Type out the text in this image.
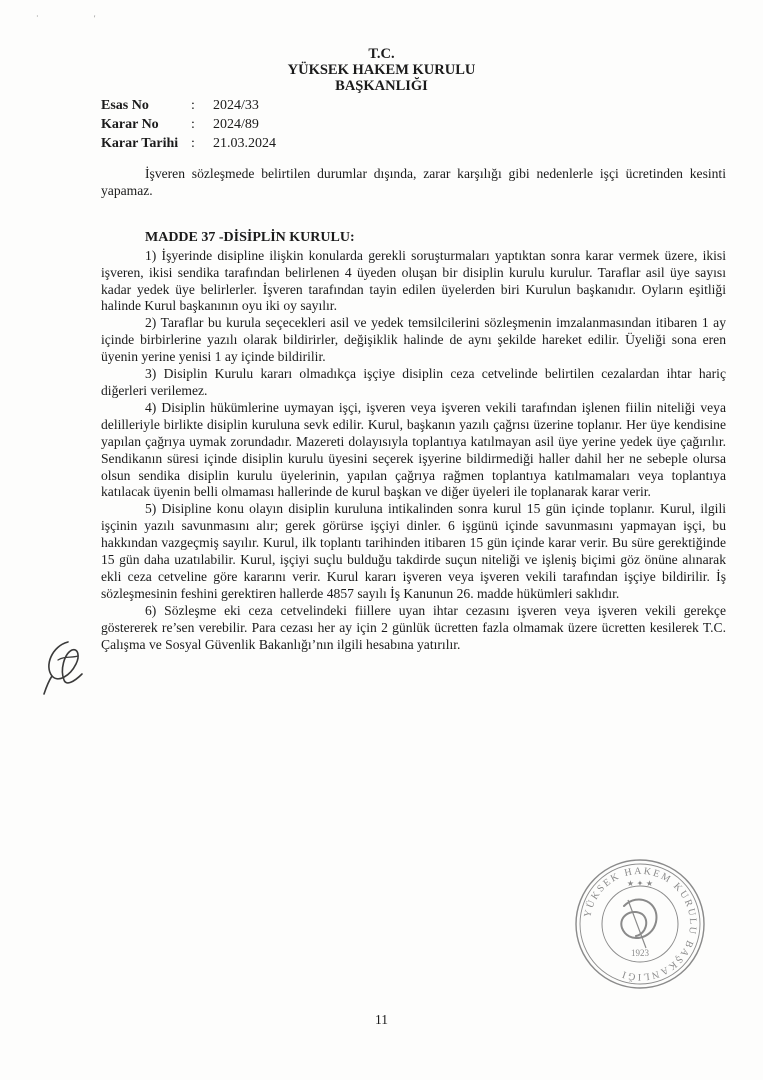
·	'
T.C.
YÜKSEK HAKEM KURULU
BAŞKANLIĞI
Esas No	:	2024/33
Karar No	:	2024/89
Karar Tarihi :	21.03.2024

İşveren sözleşmede belirtilen durumlar dışında, zarar karşılığı gibi nedenlerle işçi ücretinden kesinti yapamaz.

MADDE 37 -DİSİPLİN KURULU:

1) İşyerinde disipline ilişkin konularda gerekli soruşturmaları yaptıktan sonra karar vermek üzere, ikisi işveren, ikisi sendika tarafından belirlenen 4 üyeden oluşan bir disiplin kurulu kurulur. Taraflar asil üye sayısı kadar yedek üye belirlerler. İşveren tarafından tayin edilen üyelerden biri Kurulun başkanıdır. Oyların eşitliği halinde Kurul başkanının oyu iki oy sayılır.

2) Taraflar bu kurula seçecekleri asil ve yedek temsilcilerini sözleşmenin imzalanmasından itibaren 1 ay içinde birbirlerine yazılı olarak bildirirler, değişiklik halinde de aynı şekilde hareket edilir. Üyeliği sona eren üyenin yerine yenisi 1 ay içinde bildirilir.

3) Disiplin Kurulu kararı olmadıkça işçiye disiplin ceza cetvelinde belirtilen cezalardan ihtar hariç diğerleri verilemez.

4) Disiplin hükümlerine uymayan işçi, işveren veya işveren vekili tarafından işlenen fiilin niteliği veya delilleriyle birlikte disiplin kuruluna sevk edilir. Kurul, başkanın yazılı çağrısı üzerine toplanır. Her üye kendisine yapılan çağrıya uymak zorundadır. Mazereti dolayısıyla toplantıya katılmayan asil üye yerine yedek üye çağırılır. Sendikanın süresi içinde disiplin kurulu üyesini seçerek işyerine bildirmediği haller dahil her ne sebeple olursa olsun sendika disiplin kurulu üyelerinin, yapılan çağrıya rağmen toplantıya katılmamaları veya toplantıya katılacak üyenin belli olmaması hallerinde de kurul başkan ve diğer üyeleri ile toplanarak karar verir.

5) Disipline konu olayın disiplin kuruluna intikalinden sonra kurul 15 gün içinde toplanır. Kurul, ilgili işçinin yazılı savunmasını alır; gerek görürse işçiyi dinler. 6 işgünü içinde savunmasını yapmayan işçi, bu hakkından vazgeçmiş sayılır. Kurul, ilk toplantı tarihinden itibaren 15 gün içinde karar verir. Bu süre gerektiğinde 15 gün daha uzatılabilir. Kurul, işçiyi suçlu bulduğu takdirde suçun niteliği ve işleniş biçimi göz önüne alınarak ekli ceza cetveline göre kararını verir. Kurul kararı işveren veya işveren vekili tarafından işçiye bildirilir. İş sözleşmesinin feshini gerektiren hallerde 4857 sayılı İş Kanunun 26. madde hükümleri saklıdır.

6) Sözleşme eki ceza cetvelindeki fiillere uyan ihtar cezasını işveren veya işveren vekili gerekçe göstererek re’sen verebilir. Para cezası her ay için 2 günlük ücretten fazla olmamak üzere ücretten kesilerek T.C. Çalışma ve Sosyal Güvenlik Bakanlığı’nın ilgili hesabına yatırılır.

YÜKSEK HAKEM KURULU BAŞKANLIĞI
1923
★ ✦ ★
11
